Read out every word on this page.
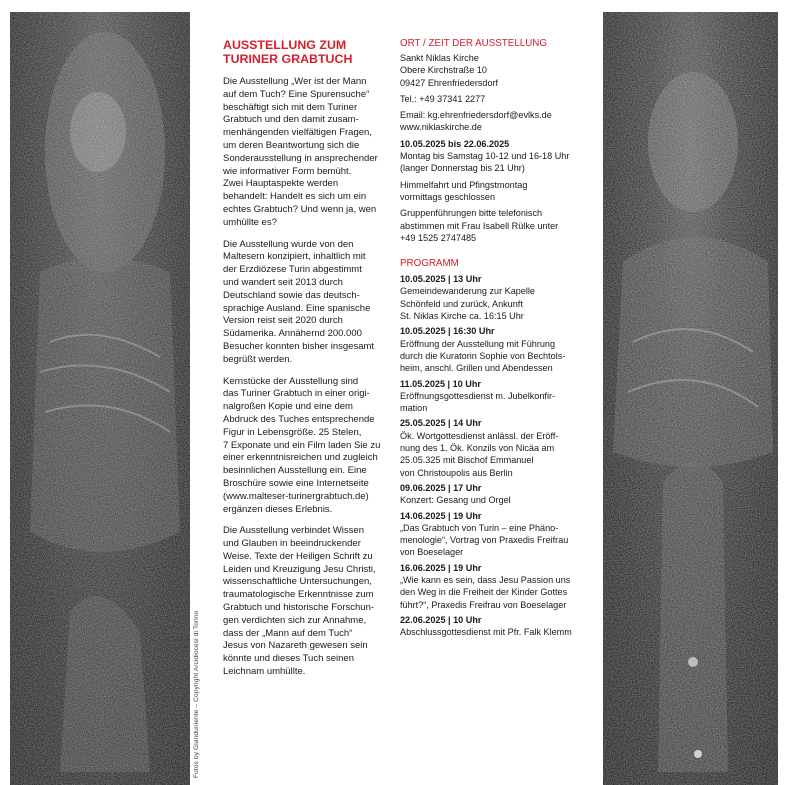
Fotos by Gianduniente – Copyright Arcidiocesi di Torino
AUSSTELLUNG ZUM
TURINER GRABTUCH
Die Ausstellung „Wer ist der Mann
auf dem Tuch? Eine Spurensuche“
beschäftigt sich mit dem Turiner
Grabtuch und den damit zusam-
menhängenden vielfältigen Fragen,
um deren Beantwortung sich die
Sonderausstellung in ansprechender
wie informativer Form bemüht.
Zwei Hauptaspekte werden
behandelt: Handelt es sich um ein
echtes Grabtuch? Und wenn ja, wen
umhüllte es?

Die Ausstellung wurde von den
Maltesern konzipiert, inhaltlich mit
der Erzdiözese Turin abgestimmt
und wandert seit 2013 durch
Deutschland sowie das deutsch-
sprachige Ausland. Eine spanische
Version reist seit 2020 durch
Südamerika. Annähernd 200.000
Besucher konnten bisher insgesamt
begrüßt werden.

Kernstücke der Ausstellung sind
das Turiner Grabtuch in einer origi-
nalgroßen Kopie und eine dem
Abdruck des Tuches entsprechende
Figur in Lebensgröße. 25 Stelen,
7 Exponate und ein Film laden Sie zu
einer erkenntnisreichen und zugleich
besinnlichen Ausstellung ein. Eine
Broschüre sowie eine Internetseite
(www.malteser-turinergrabtuch.de)
ergänzen dieses Erlebnis.

Die Ausstellung verbindet Wissen
und Glauben in beeindruckender
Weise. Texte der Heiligen Schrift zu
Leiden und Kreuzigung Jesu Christi,
wissenschaftliche Untersuchungen,
traumatologische Erkenntnisse zum
Grabtuch und historische Forschun-
gen verdichten sich zur Annahme,
dass der „Mann auf dem Tuch“
Jesus von Nazareth gewesen sein
könnte und dieses Tuch seinen
Leichnam umhüllte.

ORT / ZEIT DER AUSSTELLUNG
Sankt Niklas Kirche
Obere Kirchstraße 10
09427 Ehrenfriedersdorf
Tel.: +49 37341 2277
Email: kg.ehrenfriedersdorf@evlks.de
www.niklaskirche.de
10.05.2025 bis 22.06.2025
Montag bis Samstag 10-12 und 16-18 Uhr
(langer Donnerstag bis 21 Uhr)
Himmelfahrt und Pfingstmontag
vormittags geschlossen
Gruppenführungen bitte telefonisch
abstimmen mit Frau Isabell Rülke unter
+49 1525 2747485
PROGRAMM
10.05.2025 | 13 Uhr
Gemeindewanderung zur Kapelle
Schönfeld und zurück, Ankunft
St. Niklas Kirche ca. 16:15 Uhr
10.05.2025 | 16:30 Uhr
Eröffnung der Ausstellung mit Führung
durch die Kuratorin Sophie von Bechtols-
heim, anschl. Grillen und Abendessen
11.05.2025 | 10 Uhr
Eröffnungsgottesdienst m. Jubelkonfir-
mation
25.05.2025 | 14 Uhr
Ök. Wortgottesdienst anlässl. der Eröff-
nung des 1. Ök. Konzils von Nicäa am
25.05.325 mit Bischof Emmanuel
von Christoupolis aus Berlin
09.06.2025 | 17 Uhr
Konzert: Gesang und Orgel
14.06.2025 | 19 Uhr
„Das Grabtuch von Turin – eine Phäno-
menologie“, Vortrag von Praxedis Freifrau
von Boeselager
16.06.2025 | 19 Uhr
„Wie kann es sein, dass Jesu Passion uns
den Weg in die Freiheit der Kinder Gottes
führt?“, Praxedis Freifrau von Boeselager
22.06.2025 | 10 Uhr
Abschlussgottesdienst mit Pfr. Falk Klemm
